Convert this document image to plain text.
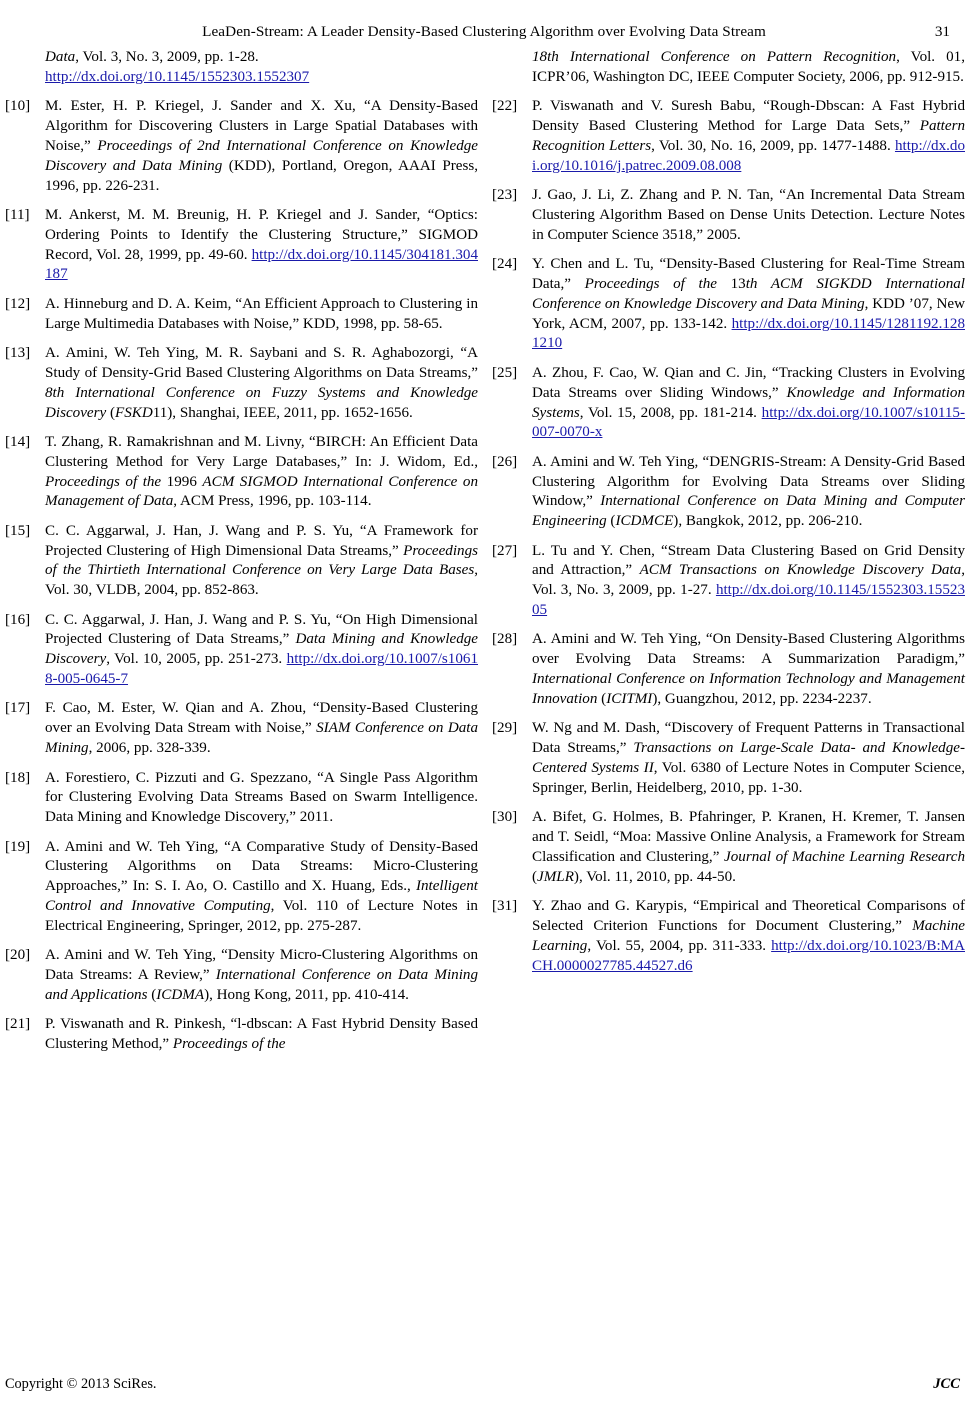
LeaDen-Stream: A Leader Density-Based Clustering Algorithm over Evolving Data Stream	31
Data, Vol. 3, No. 3, 2009, pp. 1-28.
http://dx.doi.org/10.1145/1552303.1552307
[10] M. Ester, H. P. Kriegel, J. Sander and X. Xu, “A Density-Based Algorithm for Discovering Clusters in Large Spatial Databases with Noise,” Proceedings of 2nd International Conference on Knowledge Discovery and Data Mining (KDD), Portland, Oregon, AAAI Press, 1996, pp. 226-231.
[11]	M. Ankerst, M. M. Breunig, H. P. Kriegel and J. Sander, “Optics: Ordering Points to Identify the Clustering Structure,” SIGMOD Record, Vol. 28, 1999, pp. 49-60. http://dx.doi.org/10.1145/304181.304187
[12] A. Hinneburg and D. A. Keim, “An Efficient Approach to Clustering in Large Multimedia Databases with Noise,” KDD, 1998, pp. 58-65.
[13] A. Amini, W. Teh Ying, M. R. Saybani and S. R. Aghabozorgi, “A Study of Density-Grid Based Clustering Algorithms on Data Streams,” 8th International Conference on Fuzzy Systems and Knowledge Discovery (FSKD11), Shanghai, IEEE, 2011, pp. 1652-1656.
[14] T. Zhang, R. Ramakrishnan and M. Livny, “BIRCH: An Efficient Data Clustering Method for Very Large Databases,” In: J. Widom, Ed., Proceedings of the 1996 ACM SIGMOD International Conference on Management of Data, ACM Press, 1996, pp. 103-114.
[15] C. C. Aggarwal, J. Han, J. Wang and P. S. Yu, “A Framework for Projected Clustering of High Dimensional Data Streams,” Proceedings of the Thirtieth International Conference on Very Large Data Bases, Vol. 30, VLDB, 2004, pp. 852-863.
[16] C. C. Aggarwal, J. Han, J. Wang and P. S. Yu, “On High Dimensional Projected Clustering of Data Streams,” Data Mining and Knowledge Discovery, Vol. 10, 2005, pp. 251-273. http://dx.doi.org/10.1007/s10618-005-0645-7
[17] F. Cao, M. Ester, W. Qian and A. Zhou, “Density-Based Clustering over an Evolving Data Stream with Noise,” SIAM Conference on Data Mining, 2006, pp. 328-339.
[18] A. Forestiero, C. Pizzuti and G. Spezzano, “A Single Pass Algorithm for Clustering Evolving Data Streams Based on Swarm Intelligence. Data Mining and Knowledge Discovery,” 2011.
[19] A. Amini and W. Teh Ying, “A Comparative Study of Density-Based Clustering Algorithms on Data Streams: Micro-Clustering Approaches,” In: S. I. Ao, O. Castillo and X. Huang, Eds., Intelligent Control and Innovative Computing, Vol. 110 of Lecture Notes in Electrical Engineering, Springer, 2012, pp. 275-287.
[20] A. Amini and W. Teh Ying, “Density Micro-Clustering Algorithms on Data Streams: A Review,” International Conference on Data Mining and Applications (ICDMA), Hong Kong, 2011, pp. 410-414.
[21] P. Viswanath and R. Pinkesh, “l-dbscan: A Fast Hybrid Density Based Clustering Method,” Proceedings of the
18th International Conference on Pattern Recognition, Vol. 01, ICPR’06, Washington DC, IEEE Computer Society, 2006, pp. 912-915.
[22] P. Viswanath and V. Suresh Babu, “Rough-Dbscan: A Fast Hybrid Density Based Clustering Method for Large Data Sets,” Pattern Recognition Letters, Vol. 30, No. 16, 2009, pp. 1477-1488. http://dx.doi.org/10.1016/j.patrec.2009.08.008
[23] J. Gao, J. Li, Z. Zhang and P. N. Tan, “An Incremental Data Stream Clustering Algorithm Based on Dense Units Detection. Lecture Notes in Computer Science 3518,” 2005.
[24] Y. Chen and L. Tu, “Density-Based Clustering for Real-Time Stream Data,” Proceedings of the 13th ACM SIGKDD International Conference on Knowledge Discovery and Data Mining, KDD ’07, New York, ACM, 2007, pp. 133-142. http://dx.doi.org/10.1145/1281192.1281210
[25] A. Zhou, F. Cao, W. Qian and C. Jin, “Tracking Clusters in Evolving Data Streams over Sliding Windows,” Knowledge and Information Systems, Vol. 15, 2008, pp. 181-214. http://dx.doi.org/10.1007/s10115-007-0070-x
[26] A. Amini and W. Teh Ying, “DENGRIS-Stream: A Density-Grid Based Clustering Algorithm for Evolving Data Streams over Sliding Window,” International Conference on Data Mining and Computer Engineering (ICDMCE), Bangkok, 2012, pp. 206-210.
[27] L. Tu and Y. Chen, “Stream Data Clustering Based on Grid Density and Attraction,” ACM Transactions on Knowledge Discovery Data, Vol. 3, No. 3, 2009, pp. 1-27. http://dx.doi.org/10.1145/1552303.1552305
[28] A. Amini and W. Teh Ying, “On Density-Based Clustering Algorithms over Evolving Data Streams: A Summarization Paradigm,” International Conference on Information Technology and Management Innovation (ICITMI), Guangzhou, 2012, pp. 2234-2237.
[29] W. Ng and M. Dash, “Discovery of Frequent Patterns in Transactional Data Streams,” Transactions on Large-Scale Data- and Knowledge-Centered Systems II, Vol. 6380 of Lecture Notes in Computer Science, Springer, Berlin, Heidelberg, 2010, pp. 1-30.
[30] A. Bifet, G. Holmes, B. Pfahringer, P. Kranen, H. Kremer, T. Jansen and T. Seidl, “Moa: Massive Online Analysis, a Framework for Stream Classification and Clustering,” Journal of Machine Learning Research (JMLR), Vol. 11, 2010, pp. 44-50.
[31] Y. Zhao and G. Karypis, “Empirical and Theoretical Comparisons of Selected Criterion Functions for Document Clustering,” Machine Learning, Vol. 55, 2004, pp. 311-333. http://dx.doi.org/10.1023/B:MACH.0000027785.44527.d6
Copyright © 2013 SciRes.	JCC
